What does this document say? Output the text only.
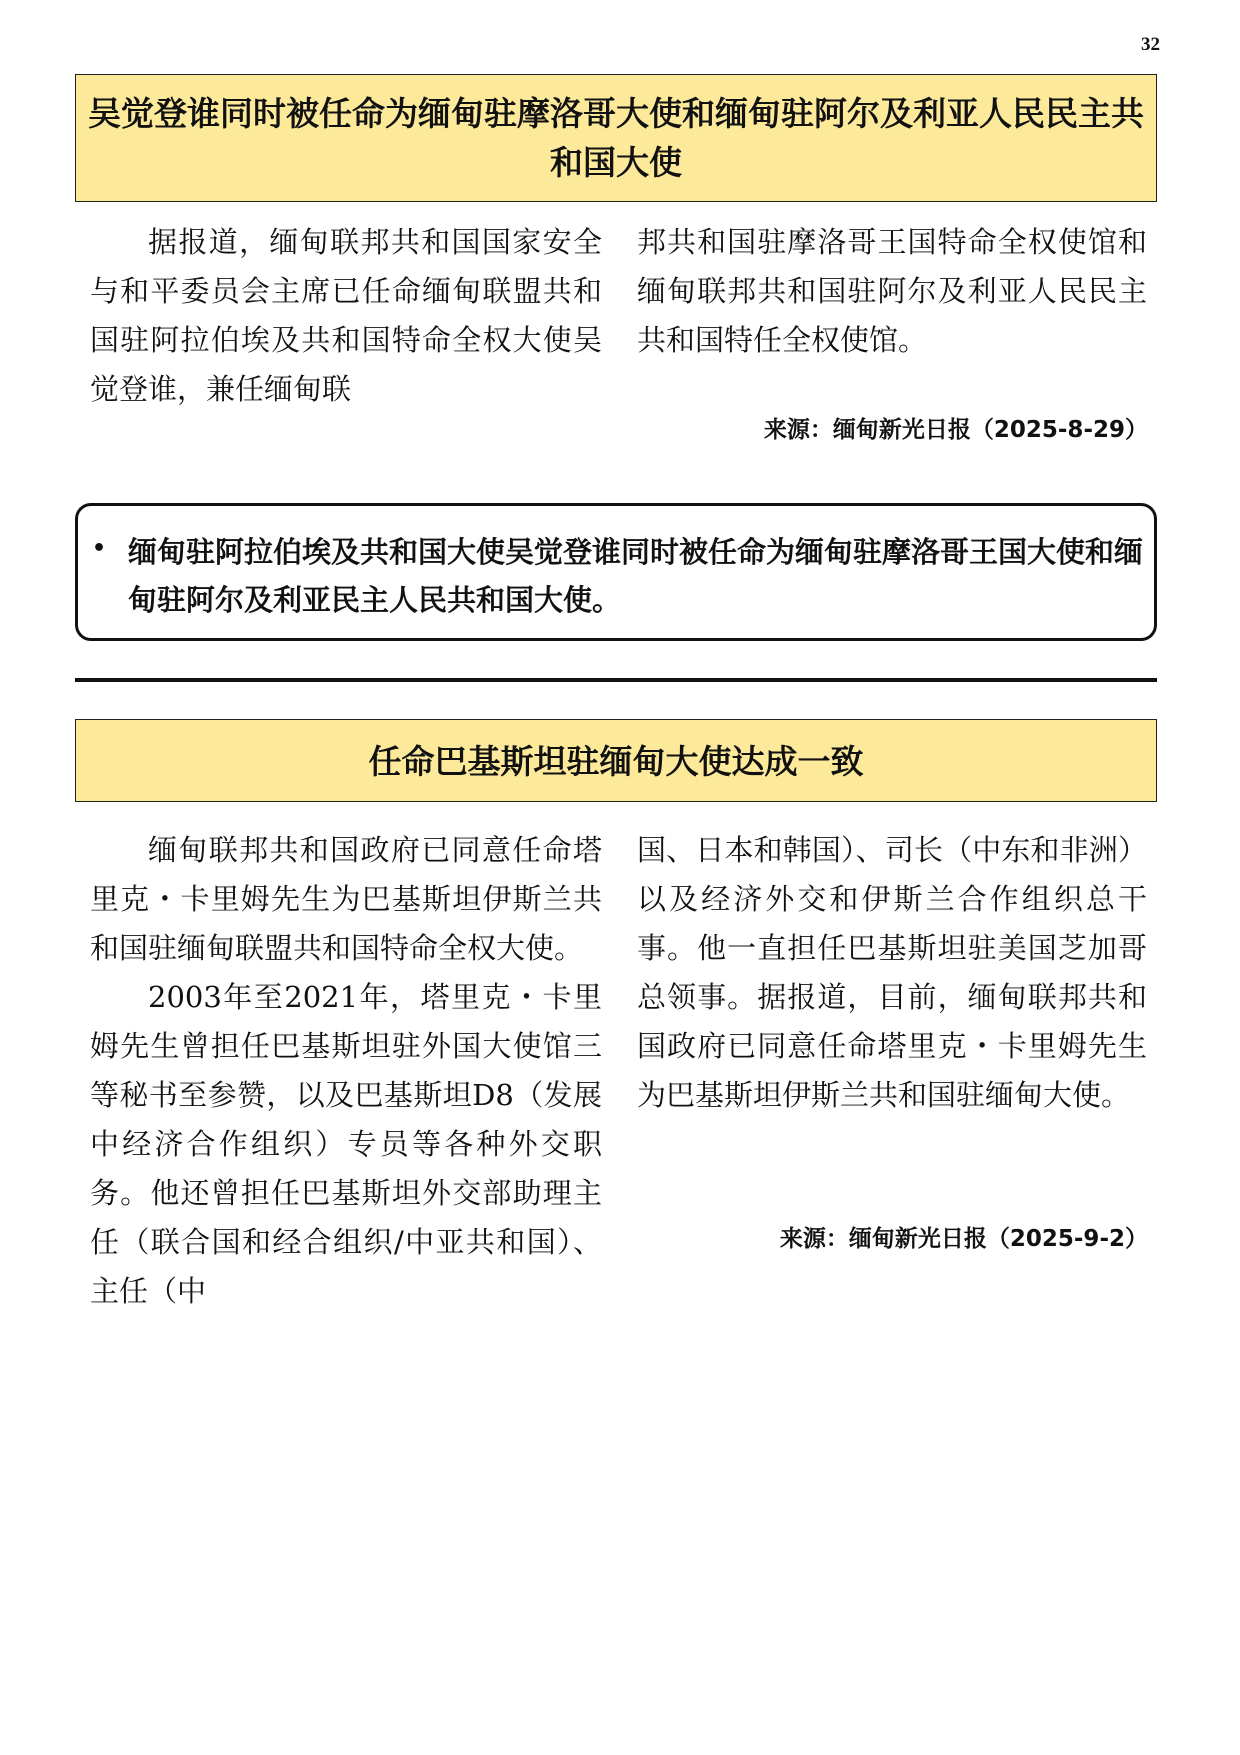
32
吴觉登谁同时被任命为缅甸驻摩洛哥大使和缅甸驻阿尔及利亚人民民主共和国大使

据报道，缅甸联邦共和国国家安全与和平委员会主席已任命缅甸联盟共和国驻阿拉伯埃及共和国特命全权大使吴觉登谁，兼任缅甸联

邦共和国驻摩洛哥王国特命全权使馆和缅甸联邦共和国驻阿尔及利亚人民民主共和国特任全权使馆。

来源：缅甸新光日报（2025-8-29）
• 缅甸驻阿拉伯埃及共和国大使吴觉登谁同时被任命为缅甸驻摩洛哥王国大使和缅甸驻阿尔及利亚民主人民共和国大使。
任命巴基斯坦驻缅甸大使达成一致

缅甸联邦共和国政府已同意任命塔里克・卡里姆先生为巴基斯坦伊斯兰共和国驻缅甸联盟共和国特命全权大使。

2003年至2021年，塔里克・卡里姆先生曾担任巴基斯坦驻外国大使馆三等秘书至参赞，以及巴基斯坦D8（发展中经济合作组织）专员等各种外交职务。他还曾担任巴基斯坦外交部助理主任（联合国和经合组织/中亚共和国）、主任（中

国、日本和韩国）、司长（中东和非洲）以及经济外交和伊斯兰合作组织总干事。他一直担任巴基斯坦驻美国芝加哥总领事。据报道，目前，缅甸联邦共和国政府已同意任命塔里克・卡里姆先生为巴基斯坦伊斯兰共和国驻缅甸大使。

来源：缅甸新光日报（2025-9-2）
